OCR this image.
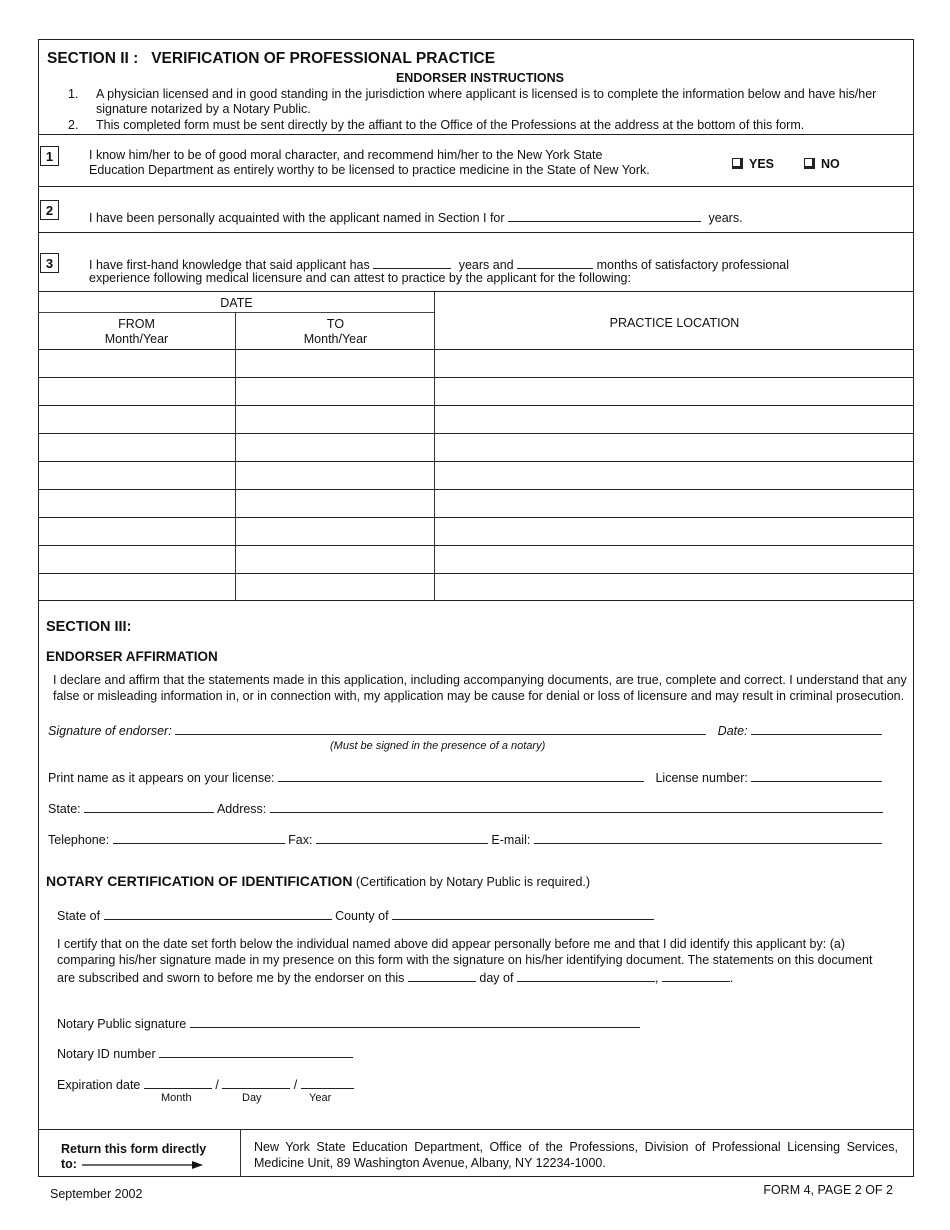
SECTION II :   VERIFICATION OF PROFESSIONAL PRACTICE
ENDORSER INSTRUCTIONS
1. A physician licensed and in good standing in the jurisdiction where applicant is licensed is to complete the information below and have his/her
signature notarized by a Notary Public.
2. This completed form must be sent directly by the affiant to the Office of the Professions at the address at the bottom of this form.
1	I know him/her to be of good moral character, and recommend him/her to the New York State
Education Department as entirely worthy to be licensed to practice medicine in the State of New York.	YES	NO
2	I have been personally acquainted with the applicant named in Section I for	years.
3	I have first-hand knowledge that said applicant has	years and	months of satisfactory professional
experience following medical licensure and can attest to practice by the applicant for the following:
DATE
FROM
Month/Year
TO
Month/Year
PRACTICE LOCATION
SECTION III:
ENDORSER AFFIRMATION
I declare and affirm that the statements made in this application, including accompanying documents, are true, complete and correct. I understand that any
false or misleading information in, or in connection with, my application may be cause for denial or loss of licensure and may result in criminal prosecution.
Signature of endorser:	Date:
(Must be signed in the presence of a notary)
Print name as it appears on your license:	License number:
State:	Address:
Telephone:	Fax:	E-mail:
NOTARY CERTIFICATION OF IDENTIFICATION (Certification by Notary Public is required.)
State of	County of
I certify that on the date set forth below the individual named above did appear personally before me and that I did identify this applicant by: (a)
comparing his/her signature made in my presence on this form with the signature on his/her identifying document. The statements on this document
are subscribed and sworn to before me by the endorser on this	day of	,	.
Notary Public signature
Notary ID number
Expiration date	/	/
Month	Day	Year
Return this form directly
to:
New York State Education Department, Office of the Professions, Division of Professional Licensing Services,
Medicine Unit, 89 Washington Avenue, Albany, NY 12234-1000.
September 2002	FORM 4, PAGE 2 OF 2
